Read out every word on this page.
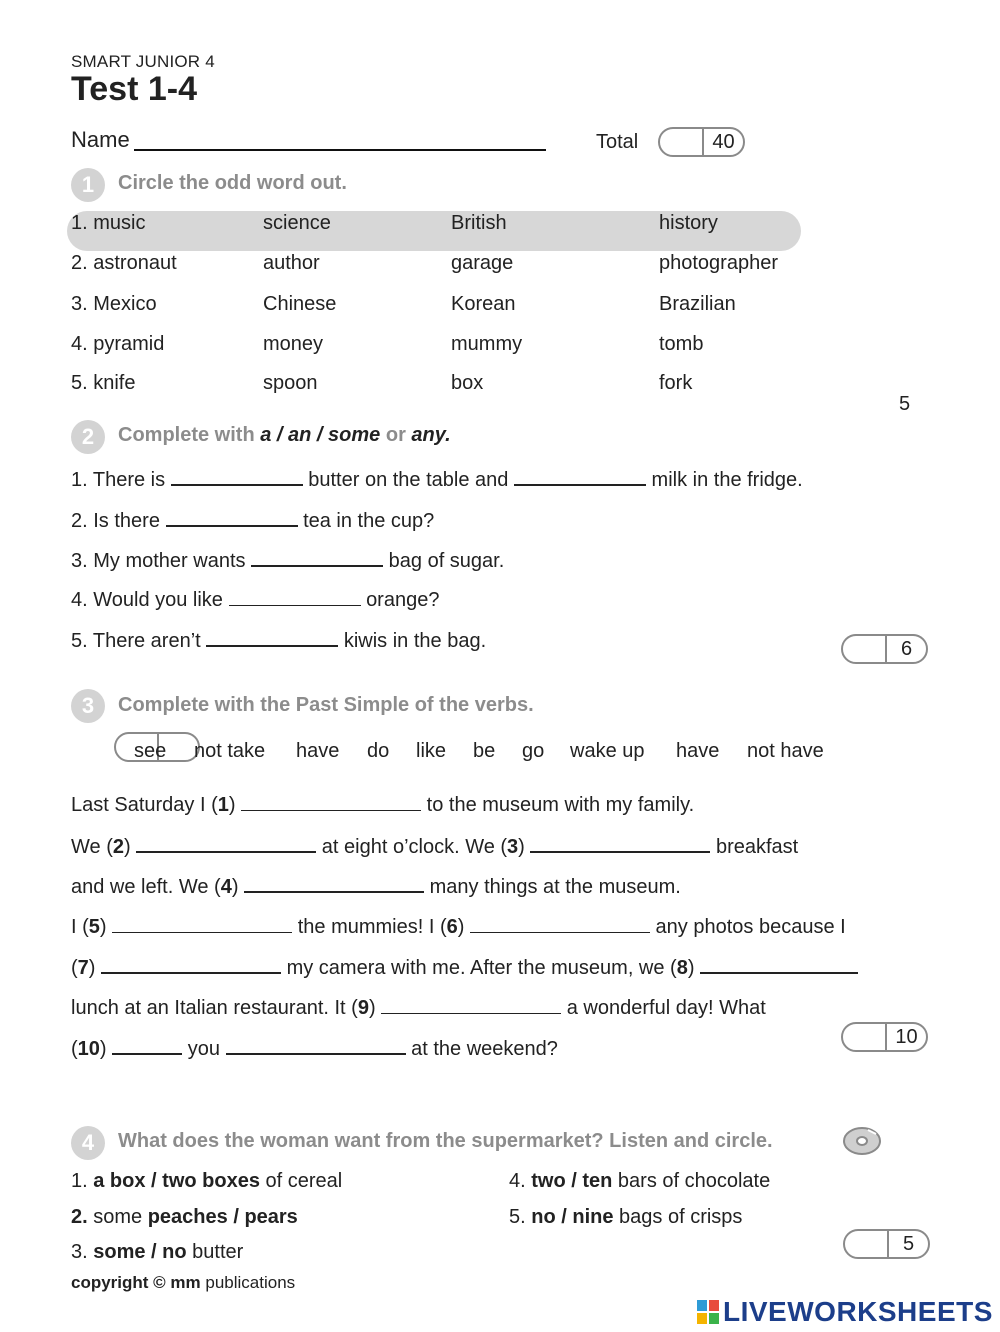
SMART JUNIOR 4
Test 1-4
Name	Total	40
1	Circle the odd word out.
1. music	science	British	history
2. astronaut	author	garage	photographer
3. Mexico	Chinese	Korean	Brazilian
4. pyramid	money	mummy	tomb
5. knife	spoon	box	fork
5
2	Complete with a / an / some or any.
1. There is	butter on the table and	milk in the fridge.
2. Is there	tea in the cup?
3. My mother wants	bag of sugar.
4. Would you like	orange?
5. There aren’t	kiwis in the bag.	6
3	Complete with the Past Simple of the verbs.
see not take have do like be go wake up have not have
Last Saturday I (1)	to the museum with my family.
We (2)	at eight o’clock. We (3)	breakfast
and we left. We (4)	many things at the museum.
I (5)	the mummies! I (6)	any photos because I
(7)	my camera with me. After the museum, we (8)
lunch at an Italian restaurant. It (9)	a wonderful day! What
(10)	you	at the weekend?
10
4	What does the woman want from the supermarket? Listen and circle.
1. a box / two boxes of cereal
2. some peaches / pears
3. some / no butter
4. two / ten bars of chocolate
5. no / nine bags of crisps
5
copyright © mm publications
LIVEWORKSHEETS
